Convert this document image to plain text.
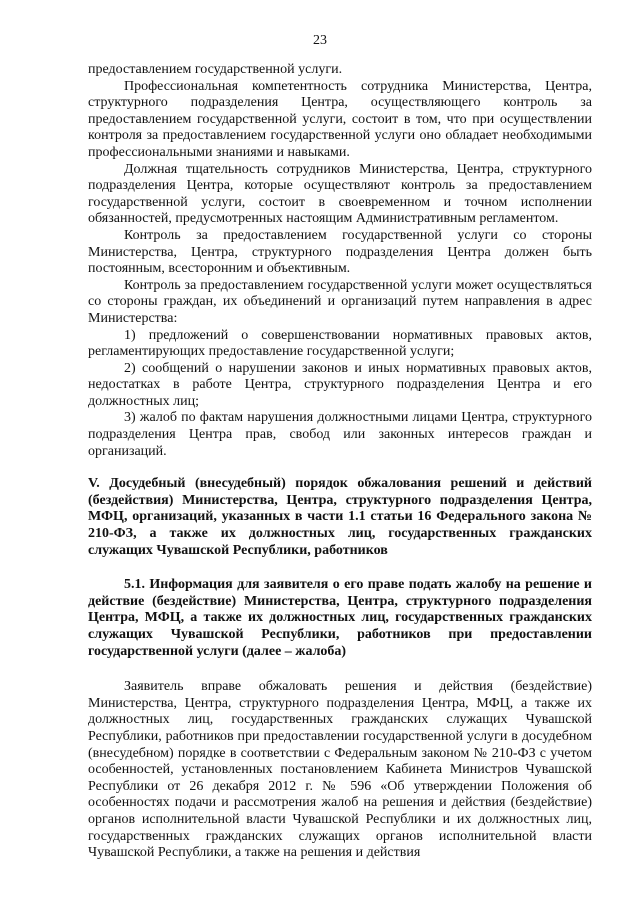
23

предоставлением государственной услуги.

Профессиональная компетентность сотрудника Министерства, Центра, структурного подразделения Центра, осуществляющего контроль за предоставлением государственной услуги, состоит в том, что при осуществлении контроля за предоставлением государственной услуги оно обладает необходимыми профессиональными знаниями и навыками.

Должная тщательность сотрудников Министерства, Центра, структурного подразделения Центра, которые осуществляют контроль за предоставлением государственной услуги, состоит в своевременном и точном исполнении обязанностей, предусмотренных настоящим Административным регламентом.

Контроль за предоставлением государственной услуги со стороны Министерства, Центра, структурного подразделения Центра должен быть постоянным, всесторонним и объективным.

Контроль за предоставлением государственной услуги может осуществляться со стороны граждан, их объединений и организаций путем направления в адрес Министерства:

1) предложений о совершенствовании нормативных правовых актов, регламентирующих предоставление государственной услуги;

2) сообщений о нарушении законов и иных нормативных правовых актов, недостатках в работе Центра, структурного подразделения Центра и его должностных лиц;

3) жалоб по фактам нарушения должностными лицами Центра, структурного подразделения Центра прав, свобод или законных интересов граждан и организаций.

V. Досудебный (внесудебный) порядок обжалования решений и действий (бездействия) Министерства, Центра, структурного подразделения Центра, МФЦ, организаций, указанных в части 1.1 статьи 16 Федерального закона № 210-ФЗ, а также их должностных лиц, государственных гражданских служащих Чувашской Республики, работников

5.1. Информация для заявителя о его праве подать жалобу на решение и действие (бездействие) Министерства, Центра, структурного подразделения Центра, МФЦ, а также их должностных лиц, государственных гражданских служащих Чувашской Республики, работников при предоставлении государственной услуги (далее – жалоба)

Заявитель вправе обжаловать решения и действия (бездействие) Министерства, Центра, структурного подразделения Центра, МФЦ, а также их должностных лиц, государственных гражданских служащих Чувашской Республики, работников при предоставлении государственной услуги в досудебном (внесудебном) порядке в соответствии с Федеральным законом № 210-ФЗ с учетом особенностей, установленных постановлением Кабинета Министров Чувашской Республики от 26 декабря 2012 г. № 596 «Об утверждении Положения об особенностях подачи и рассмотрения жалоб на решения и действия (бездействие) органов исполнительной власти Чувашской Республики и их должностных лиц, государственных гражданских служащих органов исполнительной власти Чувашской Республики, а также на решения и действия
